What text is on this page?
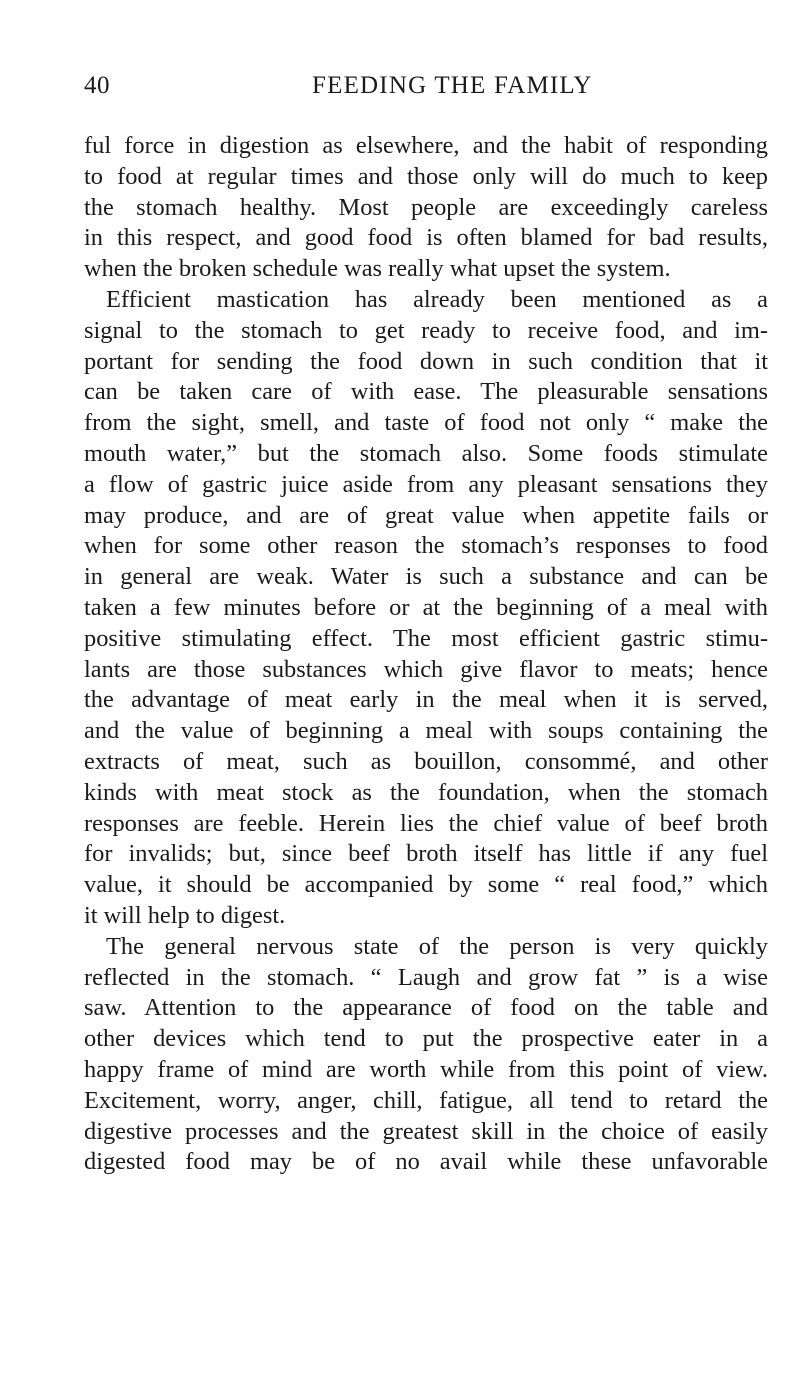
40	FEEDING THE FAMILY
ful force in digestion as elsewhere, and the habit of responding
to food at regular times and those only will do much to keep
the stomach healthy. Most people are exceedingly careless
in this respect, and good food is often blamed for bad results,
when the broken schedule was really what upset the system.
Efficient mastication has already been mentioned as a
signal to the stomach to get ready to receive food, and im-
portant for sending the food down in such condition that it
can be taken care of with ease. The pleasurable sensations
from the sight, smell, and taste of food not only “ make the
mouth water,” but the stomach also. Some foods stimulate
a flow of gastric juice aside from any pleasant sensations they
may produce, and are of great value when appetite fails or
when for some other reason the stomach’s responses to food
in general are weak. Water is such a substance and can be
taken a few minutes before or at the beginning of a meal with
positive stimulating effect. The most efficient gastric stimu-
lants are those substances which give flavor to meats; hence
the advantage of meat early in the meal when it is served,
and the value of beginning a meal with soups containing the
extracts of meat, such as bouillon, consommé, and other
kinds with meat stock as the foundation, when the stomach
responses are feeble. Herein lies the chief value of beef broth
for invalids; but, since beef broth itself has little if any fuel
value, it should be accompanied by some “ real food,” which
it will help to digest.
The general nervous state of the person is very quickly
reflected in the stomach. “ Laugh and grow fat ” is a wise
saw. Attention to the appearance of food on the table and
other devices which tend to put the prospective eater in a
happy frame of mind are worth while from this point of view.
Excitement, worry, anger, chill, fatigue, all tend to retard the
digestive processes and the greatest skill in the choice of easily
digested food may be of no avail while these unfavorable
